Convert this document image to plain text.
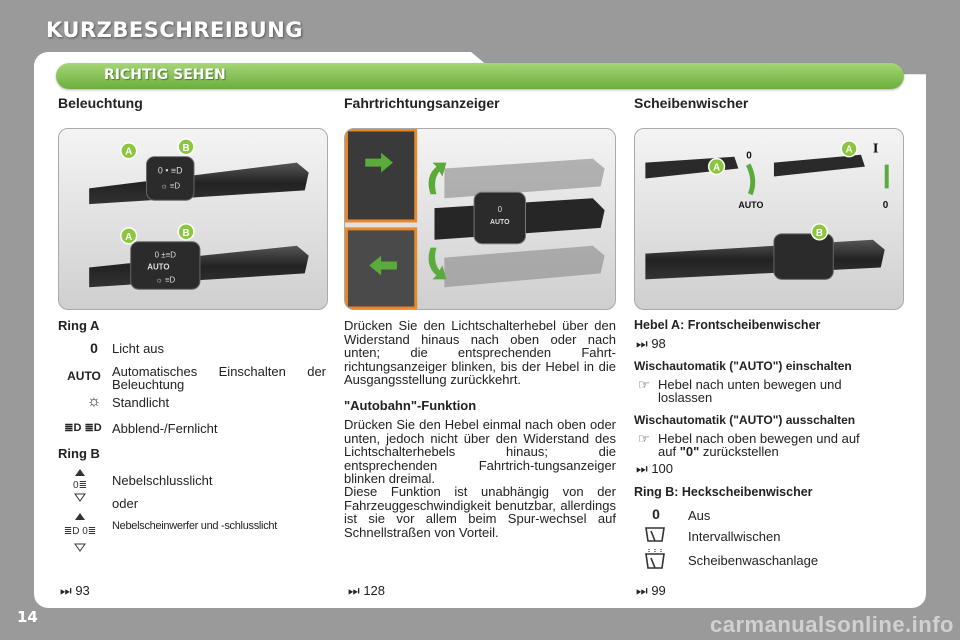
KURZBESCHREIBUNG
RICHTIG SEHEN
Beleuchtung	Fahrtrichtungsanzeiger	Scheibenwischer
0 • ≡D
☼ ≡D
A	B
0 ±≡D
AUTO
☼ ≡D
A	B
0
AUTO
A
0
AUTO
A I
0
B
Ring A
0	Licht aus
AUTO Automatisches Einschalten der Beleuchtung
☼ Standlicht
≣D ≣D Abblend-/Fernlicht
Ring B
0≣ Nebelschlusslicht
oder
≣D 0≣ Nebelscheinwerfer und -schlusslicht
⏭ 93
Drücken Sie den Lichtschalterhebel über den Widerstand hinaus nach oben oder nach unten; die entsprechenden Fahrt-richtungsanzeiger blinken, bis der Hebel in die Ausgangsstellung zurückkehrt.
"Autobahn"-Funktion
Drücken Sie den Hebel einmal nach oben oder unten, jedoch nicht über den Widerstand des Lichtschalterhebels hinaus; die entsprechenden Fahrtrich-tungsanzeiger blinken dreimal.
Diese Funktion ist unabhängig von der Fahrzeuggeschwindigkeit benutzbar, allerdings ist sie vor allem beim Spur-wechsel auf Schnellstraßen von Vorteil.
⏭ 128
Hebel A: Frontscheibenwischer
⏭ 98
Wischautomatik ("AUTO") einschalten
☞ Hebel nach unten bewegen und loslassen
Wischautomatik ("AUTO") ausschalten
☞ Hebel nach oben bewegen und auf
auf "0" zurückstellen
⏭ 100
Ring B: Heckscheibenwischer
0	Aus
Intervallwischen
Scheibenwaschanlage
⏭ 99
14	carmanualsonline.info
